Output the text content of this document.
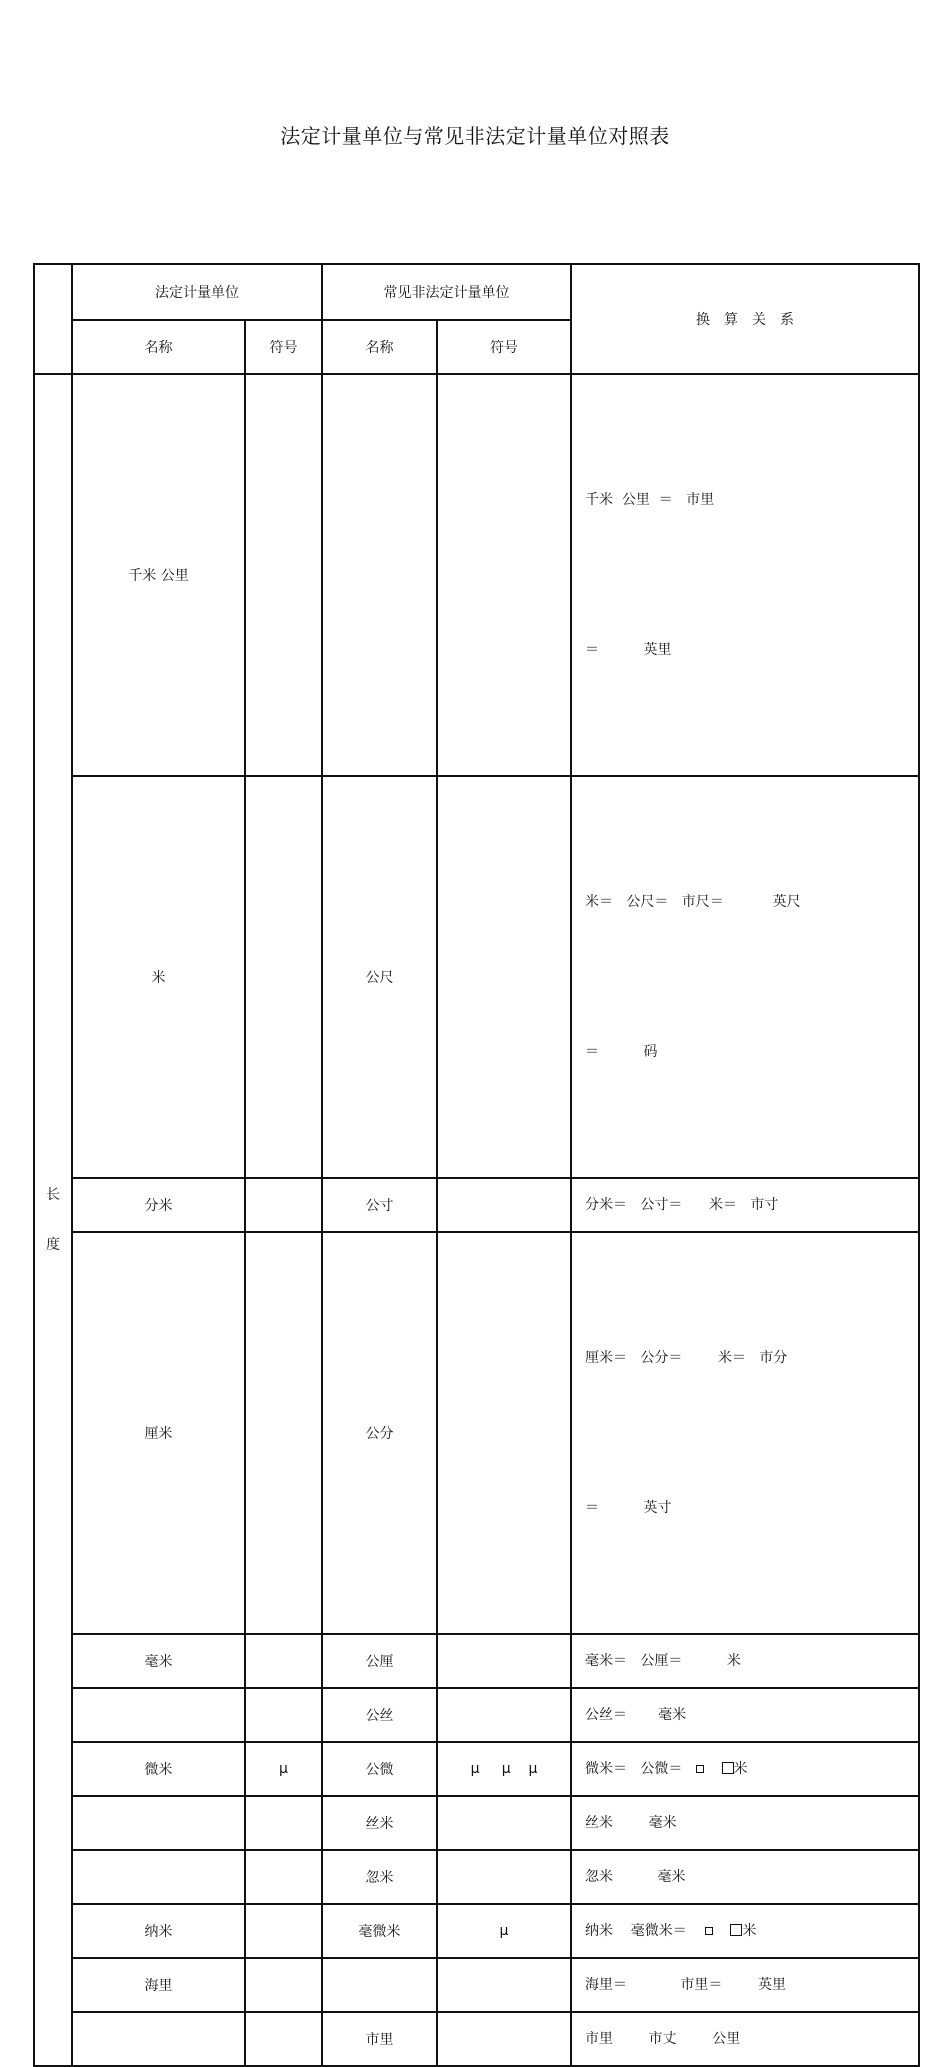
法定计量单位与常见非法定计量单位对照表
	法定计量单位		常见非法定计量单位		换　算　关　系
	名称	符号	名称	符号	

长
度	千米 公里				千米  公里  ＝   市里

＝          英里

	米		公尺		米＝   公尺＝   市尺＝           英尺

＝          码

	分米		公寸		分米＝   公寸＝      米＝   市寸
	厘米		公分		厘米＝   公分＝        米＝   市分

＝          英寸

	毫米		公厘		毫米＝   公厘＝          米
			公丝		公丝＝       毫米
	微米	μ	公微	μ     μ    μ	微米＝   公微＝ 米
			丝米		丝米        毫米
			忽米		忽米          毫米
	纳米		毫微米	μ	纳米    毫微米＝ 米
	海里				海里＝            市里＝        英里
			市里		市里        市丈        公里
